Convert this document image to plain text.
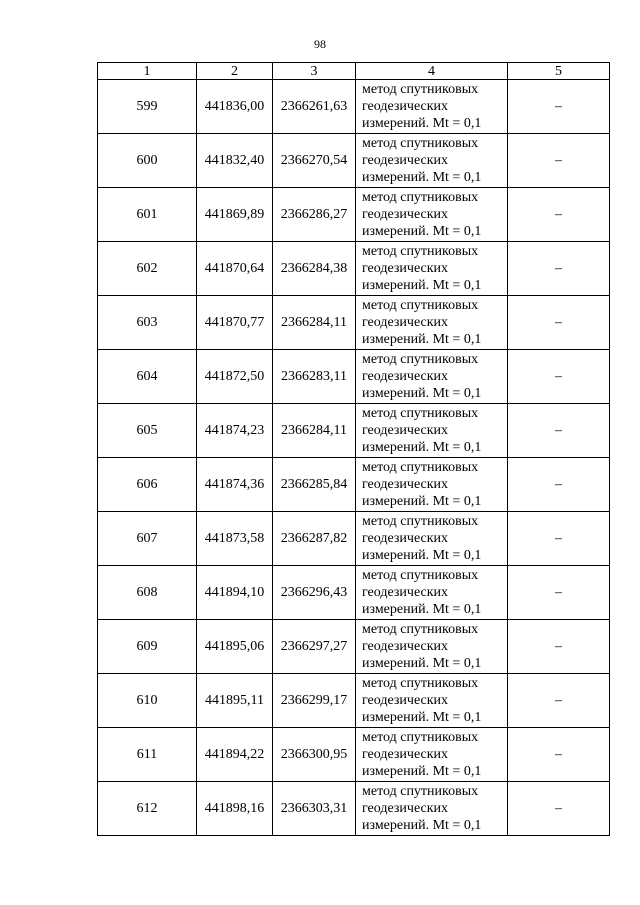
98
1	2	3	4	5
599	441836,00	2366261,63	метод спутниковых геодезических измерений. Mt = 0,1	–
600	441832,40	2366270,54	метод спутниковых геодезических измерений. Mt = 0,1	–
601	441869,89	2366286,27	метод спутниковых геодезических измерений. Mt = 0,1	–
602	441870,64	2366284,38	метод спутниковых геодезических измерений. Mt = 0,1	–
603	441870,77	2366284,11	метод спутниковых геодезических измерений. Mt = 0,1	–
604	441872,50	2366283,11	метод спутниковых геодезических измерений. Mt = 0,1	–
605	441874,23	2366284,11	метод спутниковых геодезических измерений. Mt = 0,1	–
606	441874,36	2366285,84	метод спутниковых геодезических измерений. Mt = 0,1	–
607	441873,58	2366287,82	метод спутниковых геодезических измерений. Mt = 0,1	–
608	441894,10	2366296,43	метод спутниковых геодезических измерений. Mt = 0,1	–
609	441895,06	2366297,27	метод спутниковых геодезических измерений. Mt = 0,1	–
610	441895,11	2366299,17	метод спутниковых геодезических измерений. Mt = 0,1	–
611	441894,22	2366300,95	метод спутниковых геодезических измерений. Mt = 0,1	–
612	441898,16	2366303,31	метод спутниковых геодезических измерений. Mt = 0,1	–
